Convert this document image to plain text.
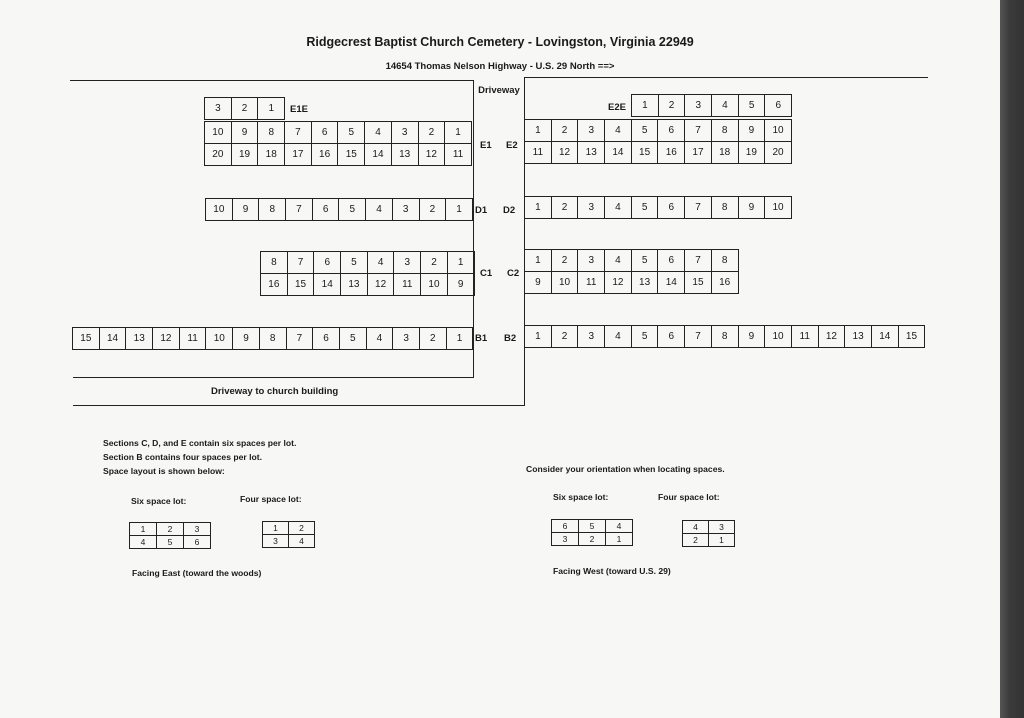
Ridgecrest Baptist Church Cemetery - Lovingston, Virginia 22949
14654 Thomas Nelson Highway - U.S. 29 North ==>
Driveway
Driveway to church building
3	2	1	1	2	3	4	5	6
10	9	8	7	6	5	4	3	2	1
20	19	18	17	16	15	14	13	12	11
1	2	3	4	5	6	7	8	9	10
11	12	13	14	15	16	17	18	19	20
10	9	8	7	6	5	4	3	2	1	1	2	3	4	5	6	7	8	9	10
8	7	6	5	4	3	2	1
16	15	14	13	12	11	10	9
1	2	3	4	5	6	7	8
9	10	11	12	13	14	15	16
15	14	13	12	11	10	9	8	7	6	5	4	3	2	1	1	2	3	4	5	6	7	8	9	10	11	12	13	14	15
E1E	E2E
E1 E2
D1 D2
C1 C2
B1 B2
Sections C, D, and E contain six spaces per lot.
Section B contains four spaces per lot.
Space layout is shown below:	Consider your orientation when locating spaces.
Six space lot:	Four space lot:
1	2	3
4	5	6
1	2
3	4
Facing East (toward the woods)
Six space lot:	Four space lot:
6	5	4
3	2	1
4	3
2	1
Facing West (toward U.S. 29)
